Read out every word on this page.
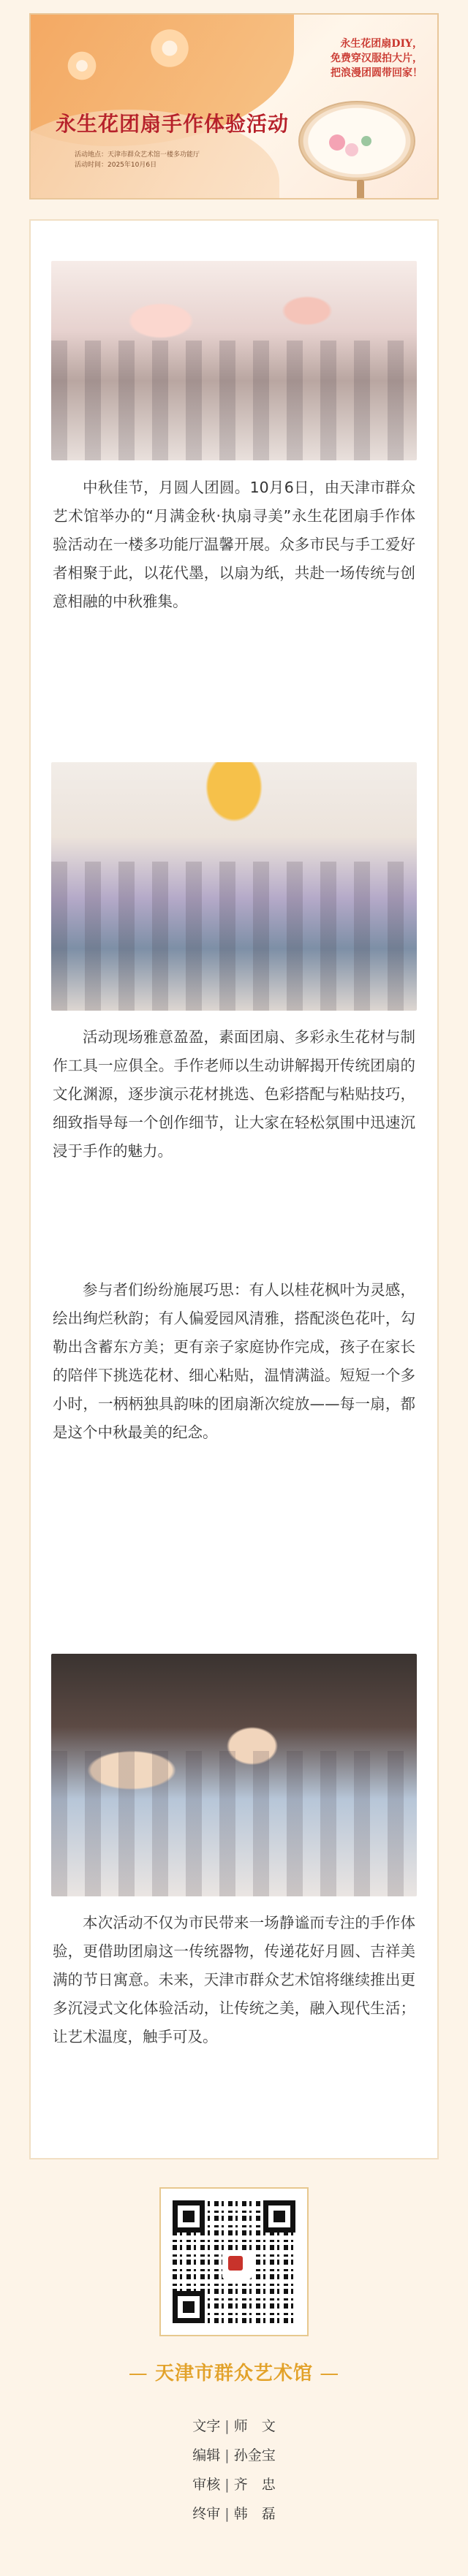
永生花团扇DIY，
免费穿汉服拍大片，
把浪漫团圆带回家！
永生花团扇手作体验活动
活动地点：天津市群众艺术馆一楼多功能厅
活动时间：2025年10月6日

中秋佳节，月圆人团圆。10月6日，由天津市群众艺术馆举办的“月满金秋·执扇寻美”永生花团扇手作体验活动在一楼多功能厅温馨开展。众多市民与手工爱好者相聚于此，以花代墨，以扇为纸，共赴一场传统与创意相融的中秋雅集。

活动现场雅意盈盈，素面团扇、多彩永生花材与制作工具一应俱全。手作老师以生动讲解揭开传统团扇的文化渊源，逐步演示花材挑选、色彩搭配与粘贴技巧，细致指导每一个创作细节，让大家在轻松氛围中迅速沉浸于手作的魅力。

参与者们纷纷施展巧思：有人以桂花枫叶为灵感，绘出绚烂秋韵；有人偏爱园风清雅，搭配淡色花叶，勾勒出含蓄东方美；更有亲子家庭协作完成，孩子在家长的陪伴下挑选花材、细心粘贴，温情满溢。短短一个多小时，一柄柄独具韵味的团扇渐次绽放——每一扇，都是这个中秋最美的纪念。

本次活动不仅为市民带来一场静谧而专注的手作体验，更借助团扇这一传统器物，传递花好月圆、吉祥美满的节日寓意。未来，天津市群众艺术馆将继续推出更多沉浸式文化体验活动，让传统之美，融入现代生活；让艺术温度，触手可及。

— 天津市群众艺术馆 —
文字 | 师　文
编辑 | 孙金宝
审核 | 齐　忠
终审 | 韩　磊
